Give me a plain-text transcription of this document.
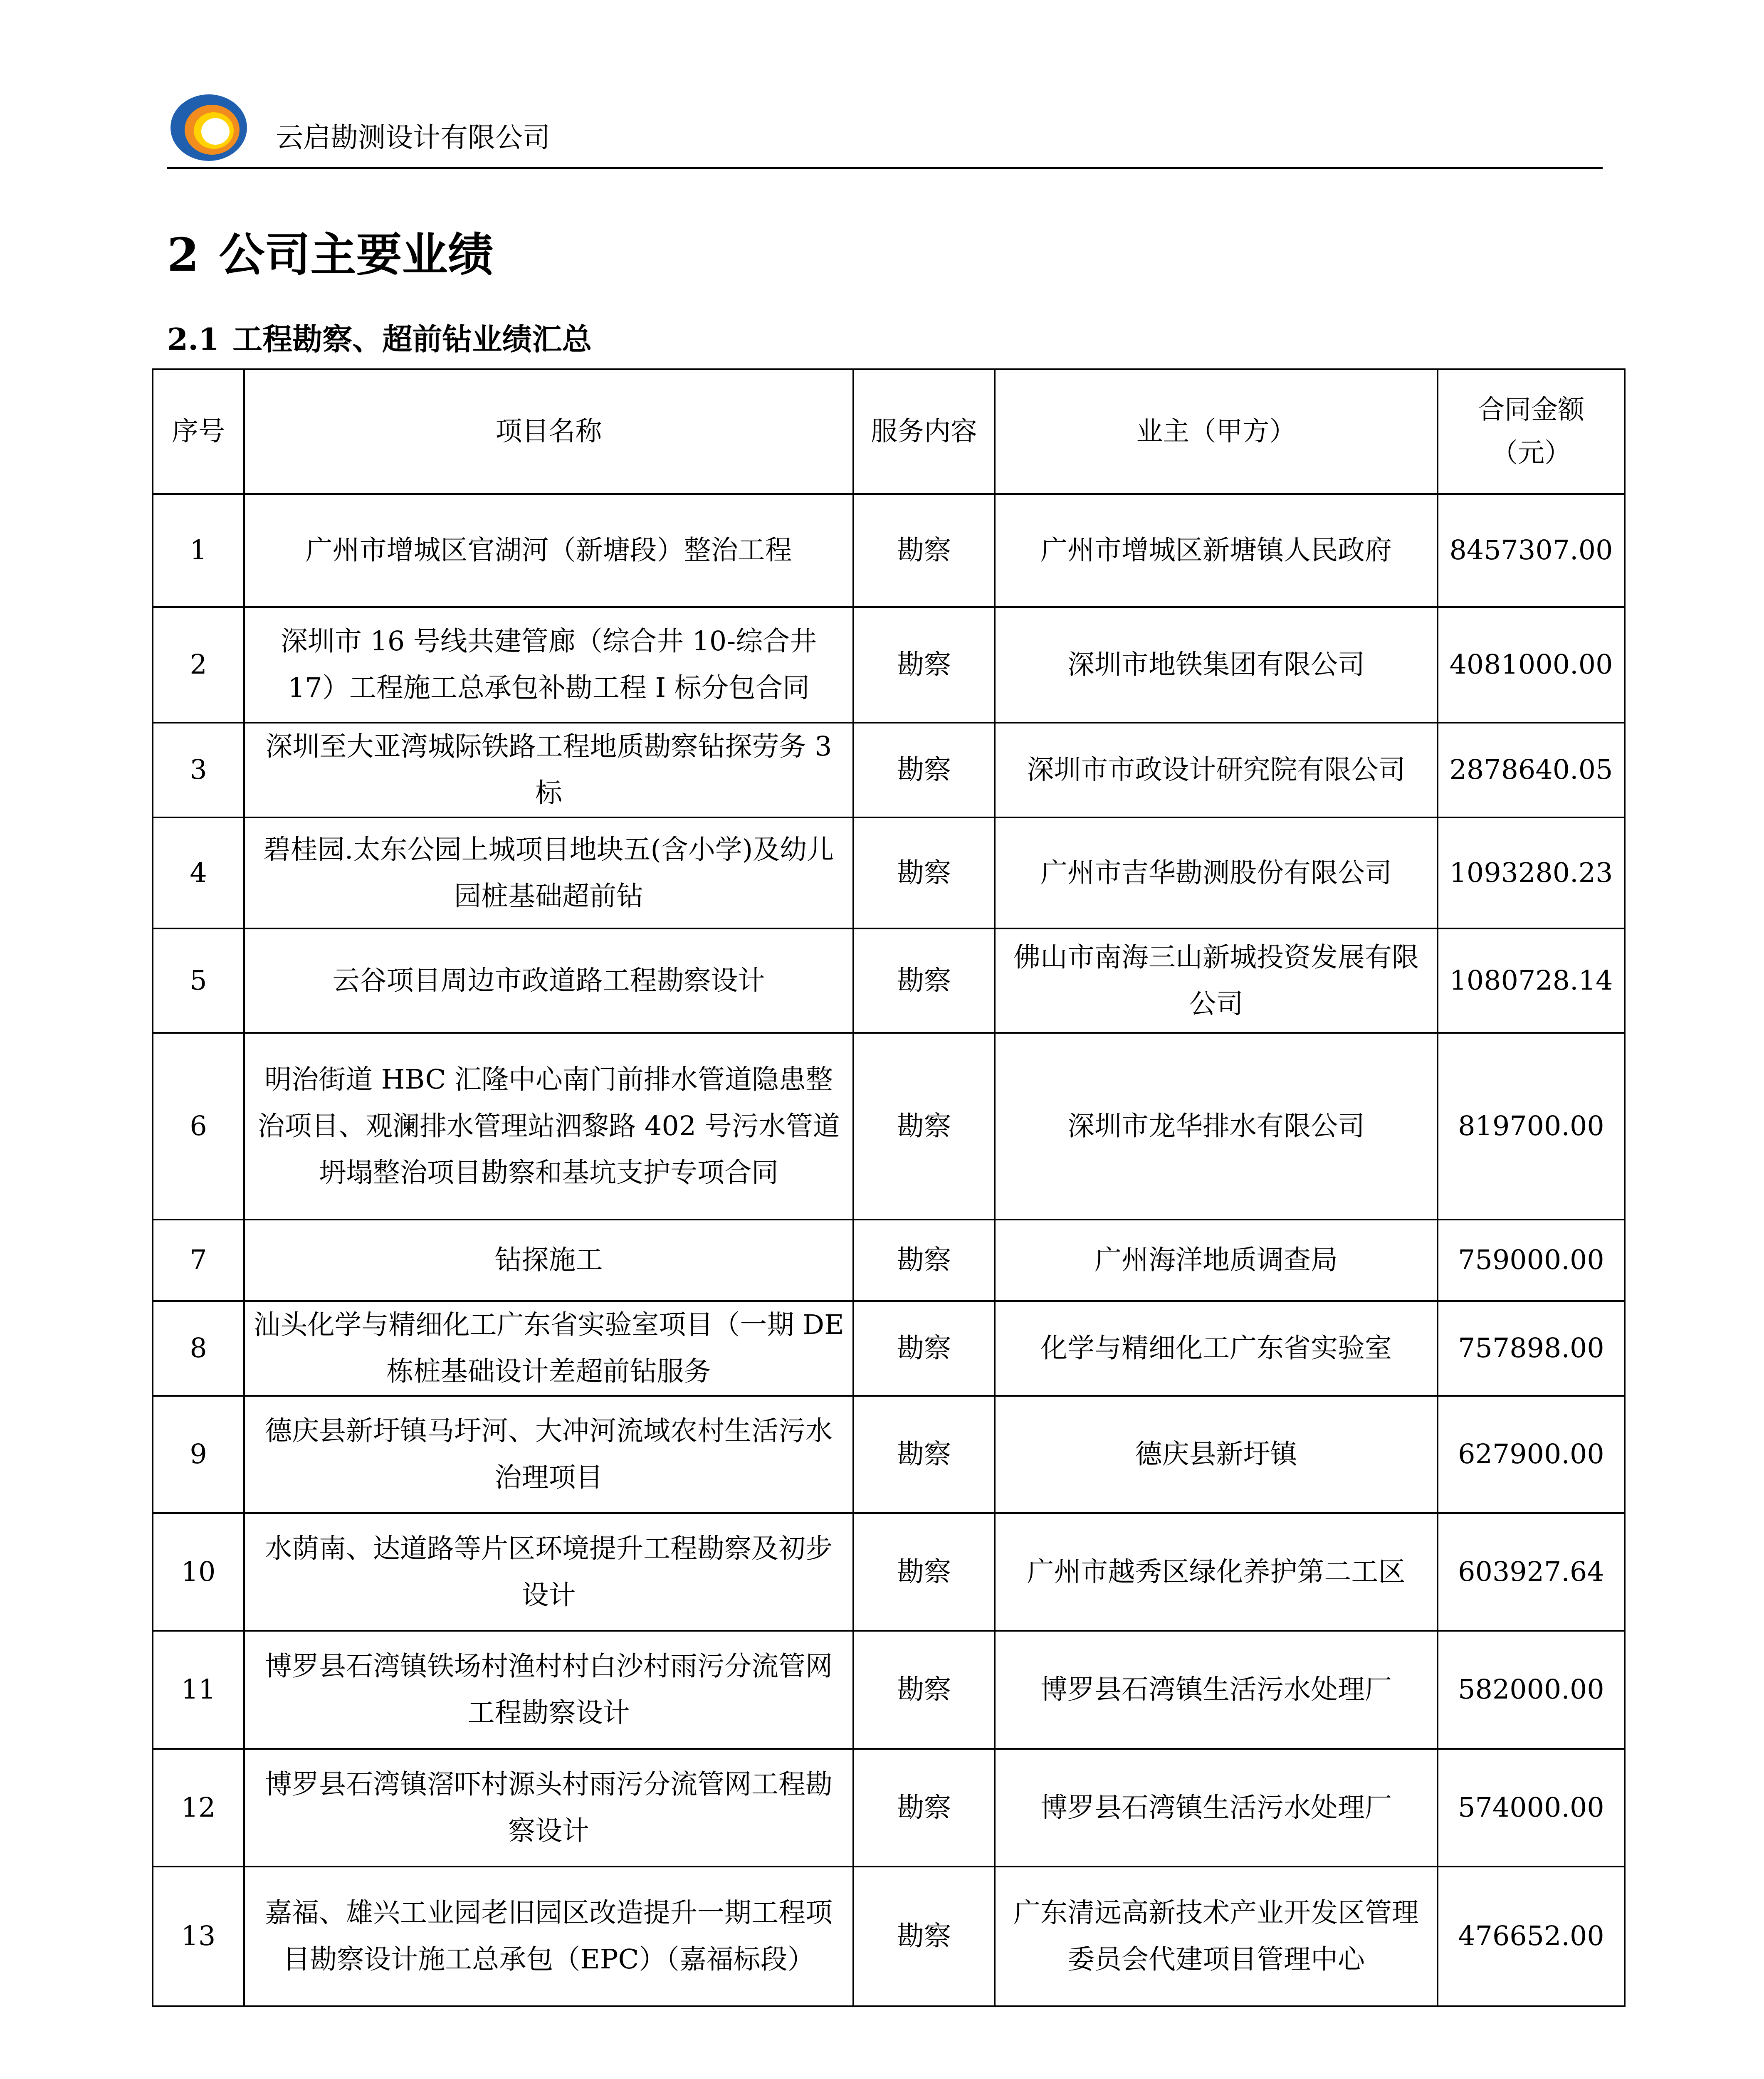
云启勘测设计有限公司
2 公司主要业绩
2.1 工程勘察、超前钻业绩汇总
序号	项目名称	服务内容	业主（甲方）	合同金额（元）
1	广州市增城区官湖河（新塘段）整治工程	勘察	广州市增城区新塘镇人民政府	8457307.00
2	深圳市 16 号线共建管廊（综合井 10-综合井 17）工程施工总承包补勘工程 I 标分包合同	勘察	深圳市地铁集团有限公司	4081000.00
3	深圳至大亚湾城际铁路工程地质勘察钻探劳务 3 标	勘察	深圳市市政设计研究院有限公司	2878640.05
4	碧桂园.太东公园上城项目地块五(含小学)及幼儿园桩基础超前钻	勘察	广州市吉华勘测股份有限公司	1093280.23
5	云谷项目周边市政道路工程勘察设计	勘察	佛山市南海三山新城投资发展有限公司	1080728.14
6	明治街道 HBC 汇隆中心南门前排水管道隐患整治项目、观澜排水管理站泗黎路 402 号污水管道坍塌整治项目勘察和基坑支护专项合同	勘察	深圳市龙华排水有限公司	819700.00
7	钻探施工	勘察	广州海洋地质调查局	759000.00
8	汕头化学与精细化工广东省实验室项目（一期 DE 栋桩基础设计差超前钻服务	勘察	化学与精细化工广东省实验室	757898.00
9	德庆县新圩镇马圩河、大冲河流域农村生活污水治理项目	勘察	德庆县新圩镇	627900.00
10	水荫南、达道路等片区环境提升工程勘察及初步设计	勘察	广州市越秀区绿化养护第二工区	603927.64
11	博罗县石湾镇铁场村渔村村白沙村雨污分流管网工程勘察设计	勘察	博罗县石湾镇生活污水处理厂	582000.00
12	博罗县石湾镇滘吓村源头村雨污分流管网工程勘察设计	勘察	博罗县石湾镇生活污水处理厂	574000.00
13	嘉福、雄兴工业园老旧园区改造提升一期工程项目勘察设计施工总承包（EPC）（嘉福标段）	勘察	广东清远高新技术产业开发区管理委员会代建项目管理中心	476652.00
